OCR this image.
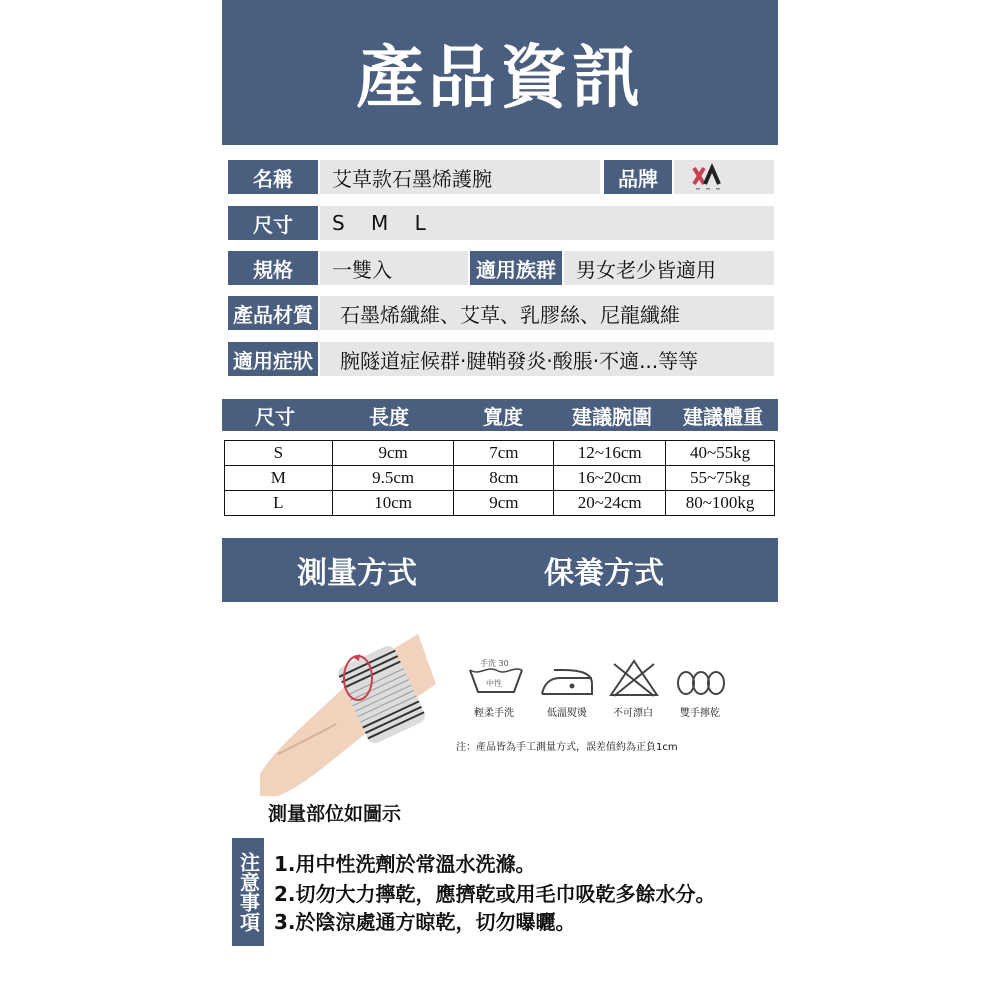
產品資訊
名稱	艾草款石墨烯護腕	品牌
尺寸	S M L
規格	一雙入	適用族群	男女老少皆適用
產品材質	石墨烯纖維、艾草、乳膠絲、尼龍纖維
適用症狀	腕隧道症候群·腱鞘發炎·酸脹·不適...等等
尺寸	長度	寬度	建議腕圍	建議體重
S	9cm	7cm	12~16cm	40~55kg
M	9.5cm	8cm	16~20cm	55~75kg
L	10cm	9cm	20~24cm	80~100kg
測量方式	保養方式
測量部位如圖示
手洗 30
中性
輕柔手洗	低溫熨燙	不可漂白	雙手擰乾
注：產品皆為手工測量方式，誤差值約為正負1cm
注意事項 1.用中性洗劑於常溫水洗滌。
2.切勿大力擰乾，應擠乾或用毛巾吸乾多餘水分。
3.於陰涼處通方晾乾，切勿曝曬。
